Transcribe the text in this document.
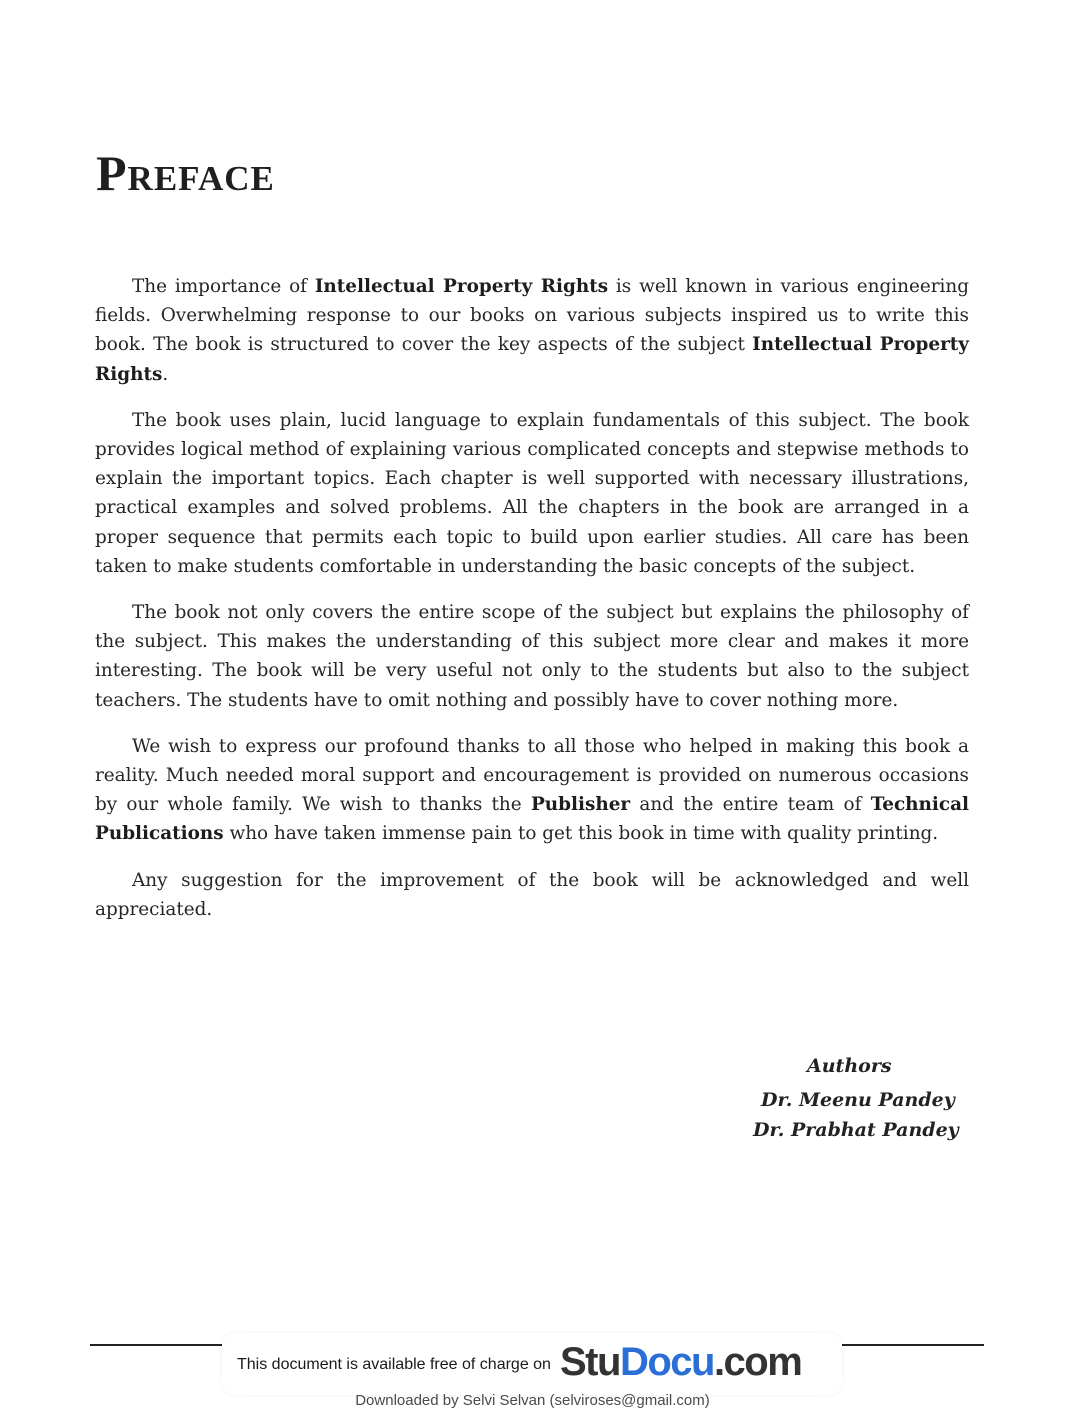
Preface

The importance of Intellectual Property Rights is well known in various engineering fields. Overwhelming response to our books on various subjects inspired us to write this book. The book is structured to cover the key aspects of the subject Intellectual Property Rights.

The book uses plain, lucid language to explain fundamentals of this subject. The book provides logical method of explaining various complicated concepts and stepwise methods to explain the important topics. Each chapter is well supported with necessary illustrations, practical examples and solved problems. All the chapters in the book are arranged in a proper sequence that permits each topic to build upon earlier studies. All care has been taken to make students comfortable in understanding the basic concepts of the subject.

The book not only covers the entire scope of the subject but explains the philosophy of the subject. This makes the understanding of this subject more clear and makes it more interesting. The book will be very useful not only to the students but also to the subject teachers. The students have to omit nothing and possibly have to cover nothing more.

We wish to express our profound thanks to all those who helped in making this book a reality. Much needed moral support and encouragement is provided on numerous occasions by our whole family. We wish to thanks the Publisher and the entire team of Technical Publications who have taken immense pain to get this book in time with quality printing.

Any suggestion for the improvement of the book will be acknowledged and well appreciated.

Authors
Dr. Meenu Pandey
Dr. Prabhat Pandey
This document is available free of charge on StuDocu.com
Downloaded by Selvi Selvan (selviroses@gmail.com)
